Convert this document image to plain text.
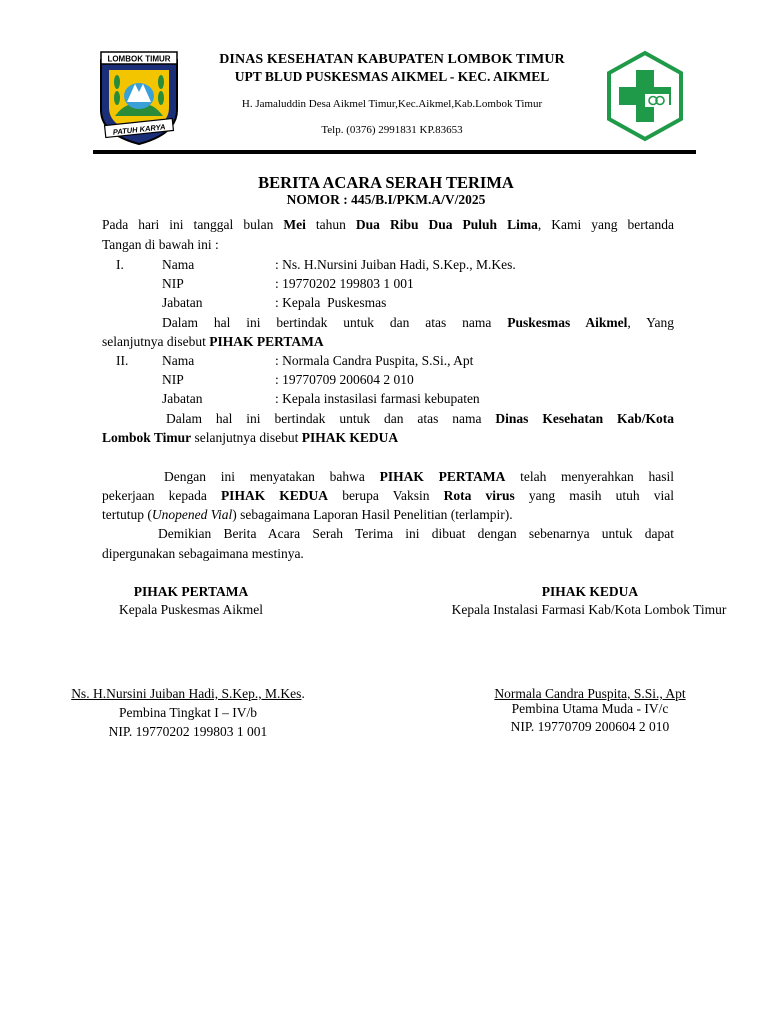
LOMBOK TIMUR
PATUH KARYA
DINAS KESEHATAN KABUPATEN LOMBOK TIMUR
UPT BLUD PUSKESMAS AIKMEL - KEC. AIKMEL
H. Jamaluddin Desa Aikmel Timur,Kec.Aikmel,Kab.Lombok Timur
Telp. (0376) 2991831 KP.83653
BERITA ACARA SERAH TERIMA
NOMOR : 445/B.I/PKM.A/V/2025
Pada hari ini tanggal bulan Mei tahun Dua Ribu Dua Puluh Lima, Kami yang bertanda
Tangan di bawah ini :
I.	Nama	: Ns. H.Nursini Juiban Hadi, S.Kep., M.Kes.
NIP	: 19770202 199803 1 001
Jabatan	: Kepala  Puskesmas
Dalam hal ini bertindak untuk dan atas nama Puskesmas Aikmel, Yang
selanjutnya disebut PIHAK PERTAMA
II. Nama	: Normala Candra Puspita, S.Si., Apt
NIP	: 19770709 200604 2 010
Jabatan	: Kepala instasilasi farmasi kebupaten
Dalam hal ini bertindak untuk dan atas nama Dinas Kesehatan Kab/Kota
Lombok Timur selanjutnya disebut PIHAK KEDUA
Dengan ini menyatakan bahwa PIHAK PERTAMA telah menyerahkan hasil
pekerjaan kepada PIHAK KEDUA berupa Vaksin Rota virus yang masih utuh vial
tertutup (Unopened Vial) sebagaimana Laporan Hasil Penelitian (terlampir).
Demikian Berita Acara Serah Terima ini dibuat dengan sebenarnya untuk dapat
dipergunakan sebagaimana mestinya.
PIHAK PERTAMA
Kepala Puskesmas Aikmel
Ns. H.Nursini Juiban Hadi, S.Kep., M.Kes.
Pembina Tingkat I – IV/b
NIP. 19770202 199803 1 001
PIHAK KEDUA
Kepala Instalasi Farmasi Kab/Kota Lombok Timur
Normala Candra Puspita, S.Si., Apt
Pembina Utama Muda - IV/c
NIP. 19770709 200604 2 010
